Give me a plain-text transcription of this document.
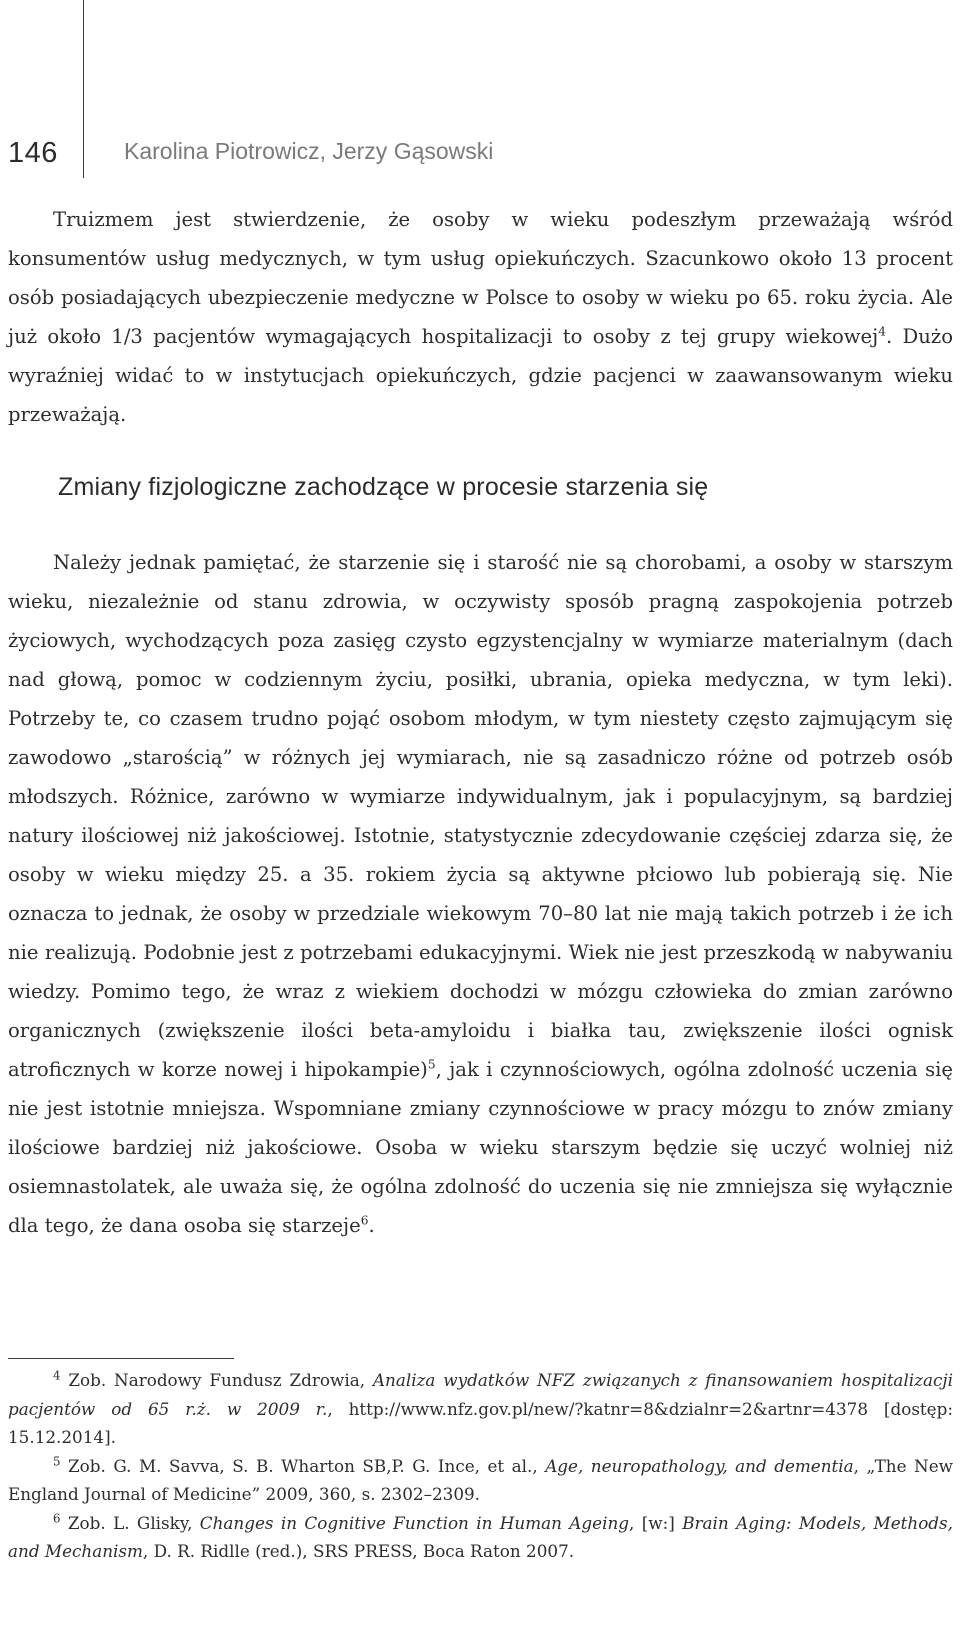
146	Karolina Piotrowicz, Jerzy Gąsowski

Truizmem jest stwierdzenie, że osoby w wieku podeszłym przeważają wśród konsumentów usług medycznych, w tym usług opiekuńczych. Szacunkowo około 13 procent osób posiadających ubezpieczenie medyczne w Polsce to osoby w wieku po 65. roku życia. Ale już około 1/3 pacjentów wymagających hospitalizacji to osoby z tej grupy wiekowej$^4$. Dużo wyraźniej widać to w instytucjach opiekuńczych, gdzie pacjenci w zaawansowanym wieku przeważają.

Zmiany fizjologiczne zachodzące w procesie starzenia się

Należy jednak pamiętać, że starzenie się i starość nie są chorobami, a osoby w starszym wieku, niezależnie od stanu zdrowia, w oczywisty sposób pragną zaspokojenia potrzeb życiowych, wychodzących poza zasięg czysto egzystencjalny w wymiarze materialnym (dach nad głową, pomoc w codziennym życiu, posiłki, ubrania, opieka medyczna, w tym leki). Potrzeby te, co czasem trudno pojąć osobom młodym, w tym niestety często zajmującym się zawodowo „starością” w różnych jej wymiarach, nie są zasadniczo różne od potrzeb osób młodszych. Różnice, zarówno w wymiarze indywidualnym, jak i populacyjnym, są bardziej natury ilościowej niż jakościowej. Istotnie, statystycznie zdecydowanie częściej zdarza się, że osoby w wieku między 25. a 35. rokiem życia są aktywne płciowo lub pobierają się. Nie oznacza to jednak, że osoby w przedziale wiekowym 70–80 lat nie mają takich potrzeb i że ich nie realizują. Podobnie jest z potrzebami edukacyjnymi. Wiek nie jest przeszkodą w nabywaniu wiedzy. Pomimo tego, że wraz z wiekiem dochodzi w mózgu człowieka do zmian zarówno organicznych (zwiększenie ilości beta-amyloidu i białka tau, zwiększenie ilości ognisk atroficznych w korze nowej i hipokampie)$^5$, jak i czynnościowych, ogólna zdolność uczenia się nie jest istotnie mniejsza. Wspomniane zmiany czynnościowe w pracy mózgu to znów zmiany ilościowe bardziej niż jakościowe. Osoba w wieku starszym będzie się uczyć wolniej niż osiemnastolatek, ale uważa się, że ogólna zdolność do uczenia się nie zmniejsza się wyłącznie dla tego, że dana osoba się starzeje$^6$.

$^4$ Zob. Narodowy Fundusz Zdrowia, Analiza wydatków NFZ związanych z finansowaniem hospitalizacji pacjentów od 65 r.ż. w 2009 r., http://www.nfz.gov.pl/new/?katnr=8&dzialnr=2&artnr=4378 [dostęp: 15.12.2014].

$^5$ Zob. G. M. Savva, S. B. Wharton SB,P. G. Ince, et al., Age, neuropathology, and dementia, „The New England Journal of Medicine” 2009, 360, s. 2302–2309.

$^6$ Zob. L. Glisky, Changes in Cognitive Function in Human Ageing, [w:] Brain Aging: Models, Methods, and Mechanism, D. R. Ridlle (red.), SRS PRESS, Boca Raton 2007.
